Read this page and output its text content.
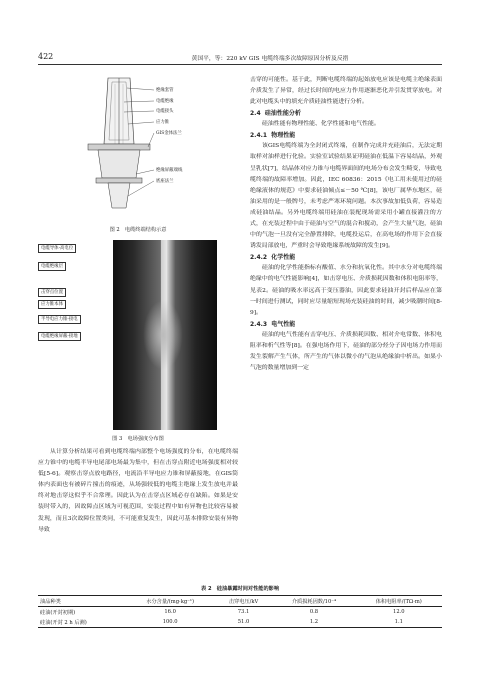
422	黄国平，等：220 kV GIS 电缆终端多次故障原因分析及反措
绝缘套管
电缆绝缘
电缆接头
应力锥
GIS金体法兰
绝缘屏蔽端线
底座法兰
图 2　电缆终端结构示意
电缆导体-高电位
电缆绝缘层
击穿点位置
应力锥本体
半导电应力锥-接电
电缆绝缘屏蔽-接地
图 3　电场强度分布图

从计算分析结果可看到电缆终端内部整个电场强度的分布，在电缆终端应力锥中的电缆半导电尾部电场最为集中，但在击穿点附近电场强度相对较低[5-6]。观察击穿点放电路径，电流沿半导电应力锥和屏蔽接地，在GIS筒体内表面也有被碎片撞击的痕迹，从场强较低的电缆主绝缘上发生放电并最终对地击穿这似乎不合常理。因此认为在击穿点区域必存在缺陷。如果是安装时带入的，因故障点区域为可视范围，安装过程中如有异物也比较容易被发现，而且3次故障位置类同，不可能重复发生，因此可基本排除安装有异物导致

击穿的可能性。基于此，判断电缆终端的起始放电应该是电缆主绝缘表面介质发生了异常，经过长时间的电应力作用逐渐恶化并引发贯穿放电。对此对电缆头中的填充介质硅油性能进行分析。

2.4 硅油性能分析

硅油性能有物理性能、化学性能和电气性能。

2.4.1 物理性能

该GIS电缆终端为全封闭式终端，在制作完成并充硅油后，无法定期取样对油样进行化验。实验室试验结果证明硅油在低温下容易结晶，外观呈乳状[7]，结晶体对应力锥与电缆界面间的电场分布会发生畸变，导致电缆终端的故障率增加。因此，IEC 60836：2015《电工用未使用过的硅绝缘液体的规范》中要求硅油倾点≤－50 ℃[8]，该电厂属华东地区，硅油采用的是一般牌号，未考虑严寒环境问题。本次事故加低负荷，容易造成硅油结晶。另外电缆终端用硅油在装配现场需采用小罐直接灌注的方式，在充装过程中由于硅油与空气的混合和搅动，会产生大量气泡，硅油中的气泡一旦没有完全静置排除，电缆投运后，在高电场的作用下会直接诱发局部放电，严重时会导致绝缘系统故障的发生[9]。

2.4.2 化学性能

硅油的化学性能指标有酸值、水分和抗氧化性。其中水分对电缆终端绝缘中的电气性能影响[4]，如击穿电压、介质损耗因数和体积电阻率等，见表2。硅油的吸水率远高于变压器油，因此要求硅油开封后样品应在第一时间进行测试，同时应尽量缩短现场充装硅油的时间，减少吸潮时间[8-9]。

2.4.3 电气性能

硅油的电气性能有击穿电压、介质损耗因数、相对介电常数、体积电阻率和析气性等[8]。在强电场作用下，硅油的部分烃分子因电场力作用而发生裂解产生气体，所产生的气体以微小的气泡从绝缘油中析出。如果小气泡的数量增加到一定

表 2　硅油暴露时间对性能的影响
油品种类	水分含量/(mg·kg⁻¹)	击穿电压/kV	介质损耗因数/10⁻⁴	体积电阻率/(TΩ·m)
硅油(开封初期)	16.0	73.1	0.8	12.0
硅油(开封 2 h 后测)	100.0	51.0	1.2	1.1
